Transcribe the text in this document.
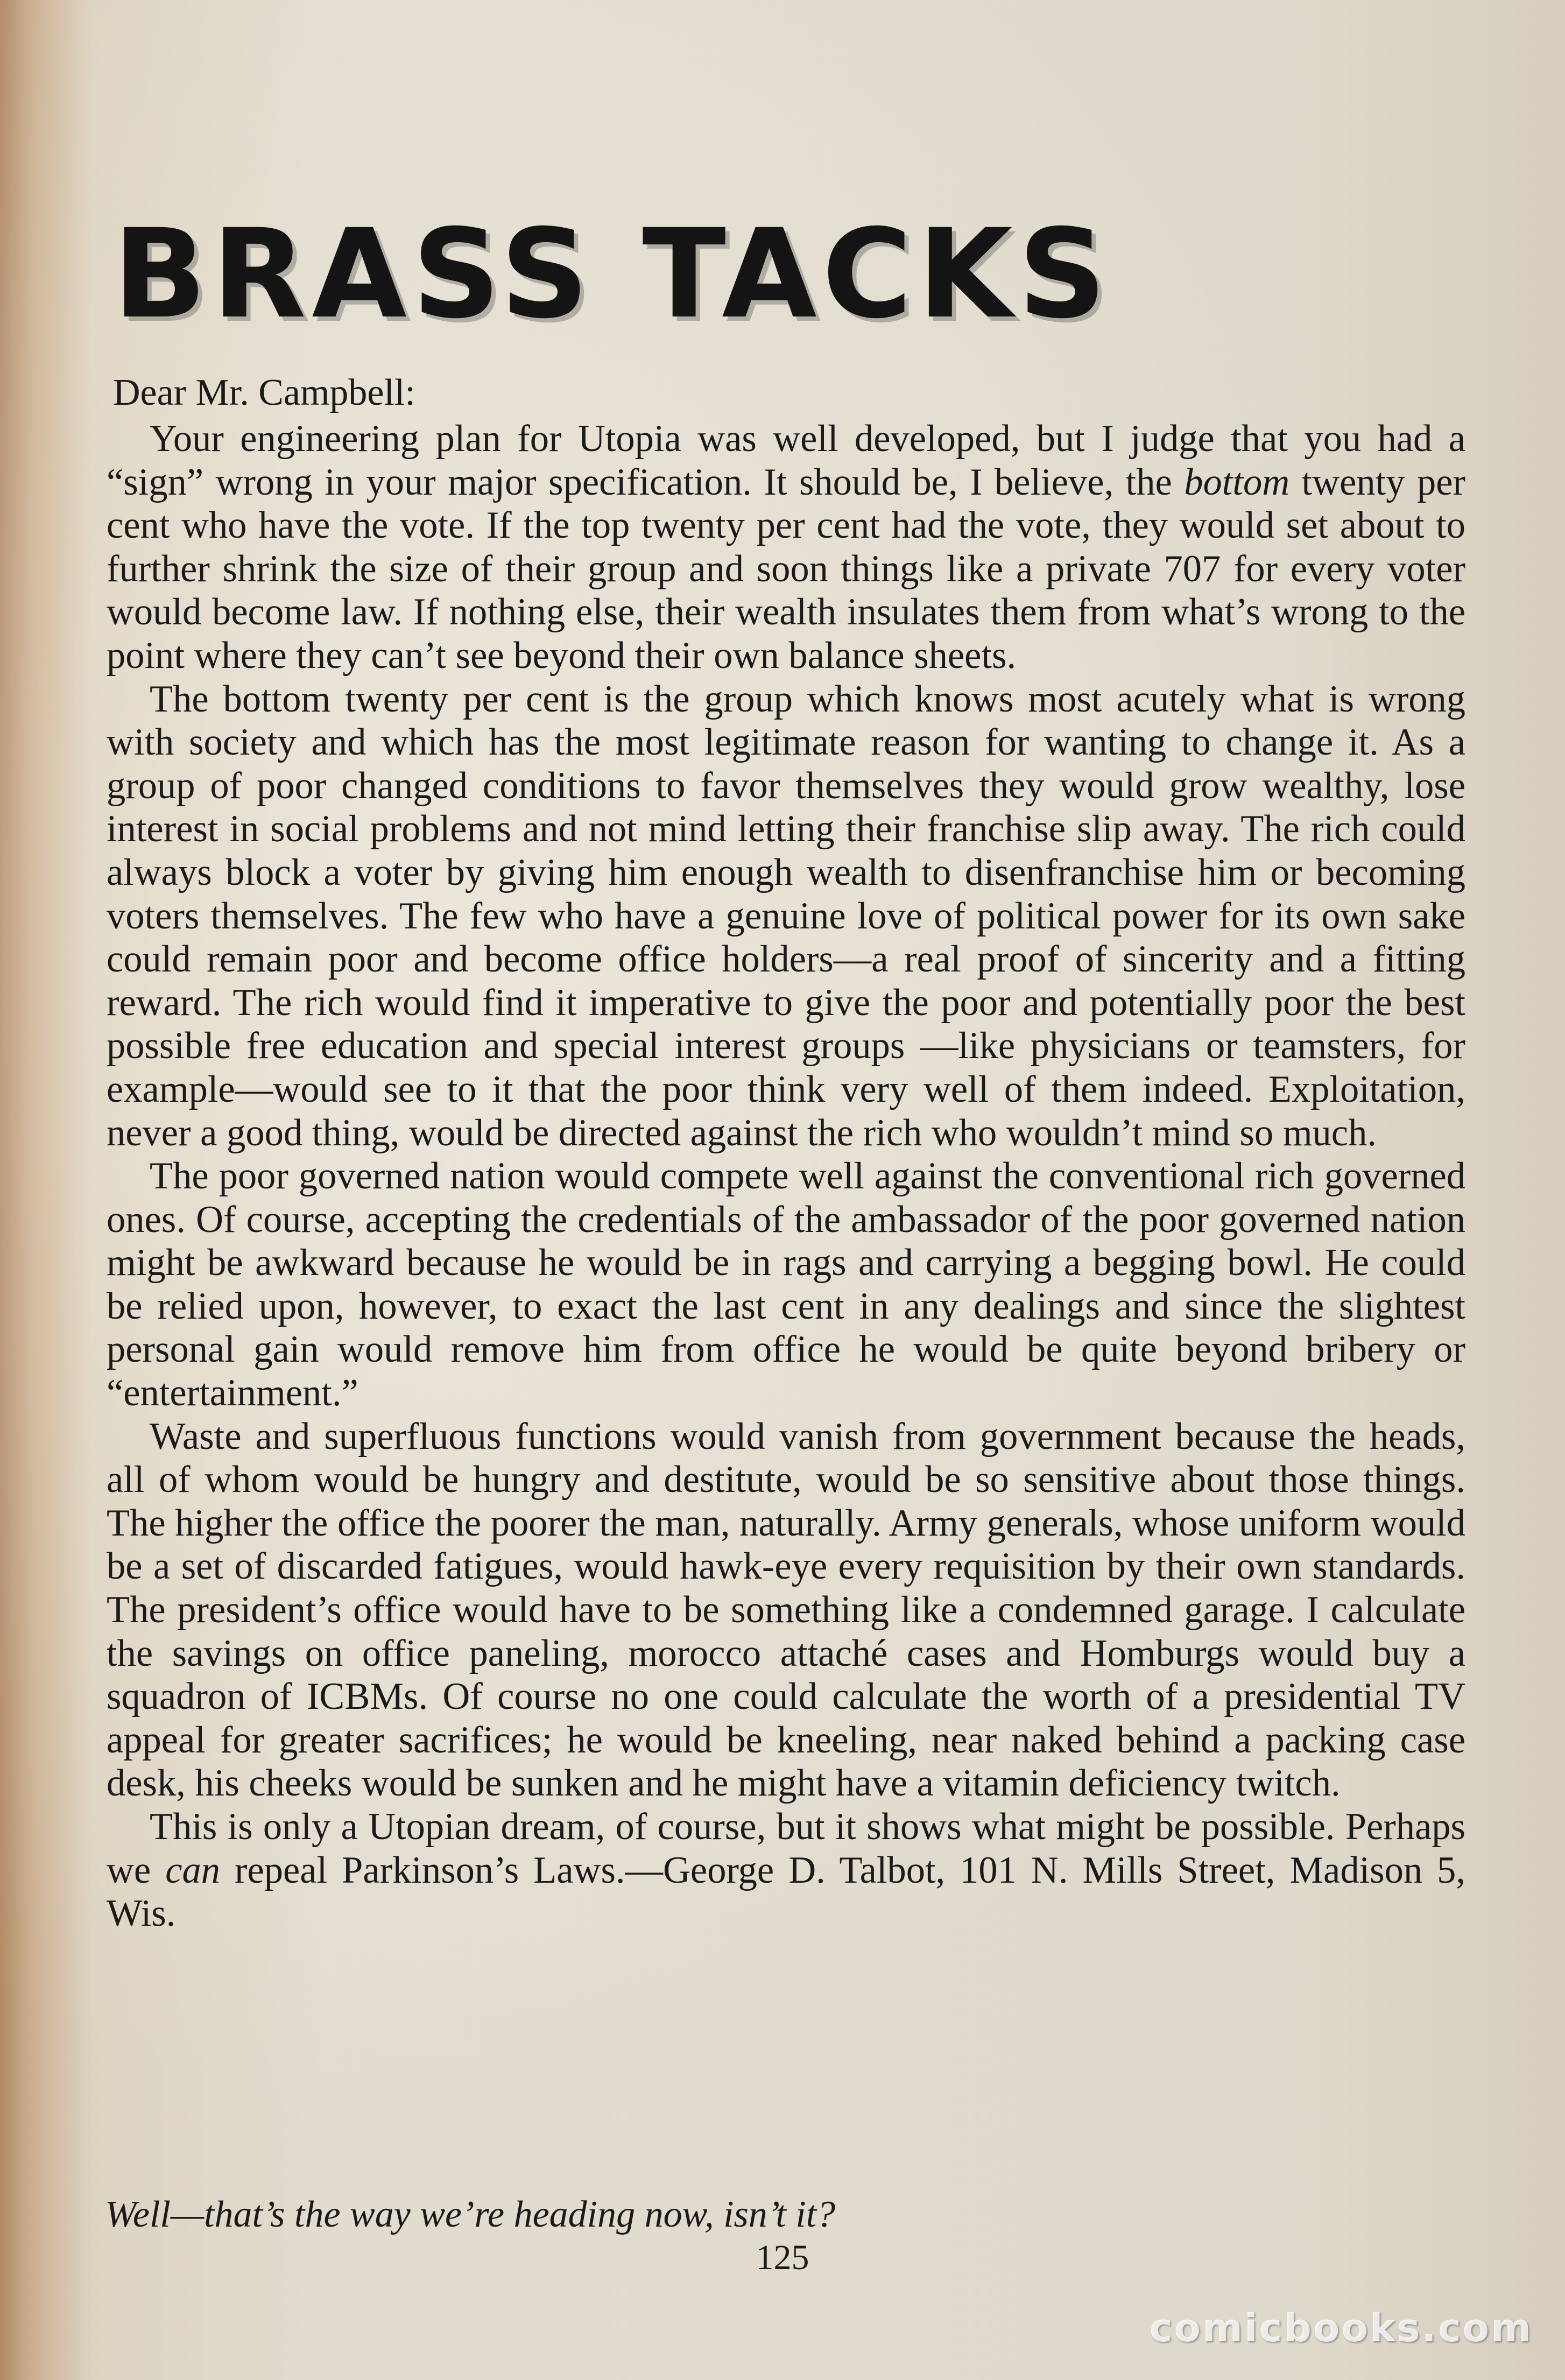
BRASS TACKS

Dear Mr. Campbell:

Your engineering plan for Utopia was well developed, but I judge that you had a “sign” wrong in your major specification. It should be, I believe, the bottom twenty per cent who have the vote. If the top twenty per cent had the vote, they would set about to further shrink the size of their group and soon things like a private 707 for every voter would become law. If nothing else, their wealth insulates them from what’s wrong to the point where they can’t see beyond their own balance sheets.

The bottom twenty per cent is the group which knows most acutely what is wrong with society and which has the most legitimate reason for wanting to change it. As a group of poor changed conditions to favor themselves they would grow wealthy, lose interest in social problems and not mind letting their franchise slip away. The rich could always block a voter by giving him enough wealth to disenfranchise him or becoming voters themselves. The few who have a genuine love of political power for its own sake could remain poor and become office holders—a real proof of sincerity and a fitting reward. The rich would find it imperative to give the poor and potentially poor the best possible free education and special interest groups —like physicians or teamsters, for example—would see to it that the poor think very well of them indeed. Exploitation, never a good thing, would be directed against the rich who wouldn’t mind so much.

The poor governed nation would compete well against the conventional rich governed ones. Of course, accepting the credentials of the ambassador of the poor governed nation might be awkward because he would be in rags and carrying a begging bowl. He could be relied upon, however, to exact the last cent in any dealings and since the slightest personal gain would remove him from office he would be quite beyond bribery or “entertainment.”

Waste and superfluous functions would vanish from government because the heads, all of whom would be hungry and destitute, would be so sensitive about those things. The higher the office the poorer the man, naturally. Army generals, whose uniform would be a set of discarded fatigues, would hawk-eye every requisition by their own standards. The president’s office would have to be something like a condemned garage. I calculate the savings on office paneling, morocco attaché cases and Homburgs would buy a squadron of ICBMs. Of course no one could calculate the worth of a presidential TV appeal for greater sacrifices; he would be kneeling, near naked behind a packing case desk, his cheeks would be sunken and he might have a vitamin deficiency twitch.

This is only a Utopian dream, of course, but it shows what might be possible. Perhaps we can repeal Parkinson’s Laws.—George D. Talbot, 101 N. Mills Street, Madison 5, Wis.

Well—that’s the way we’re heading now, isn’t it?

125

comicbooks.com
